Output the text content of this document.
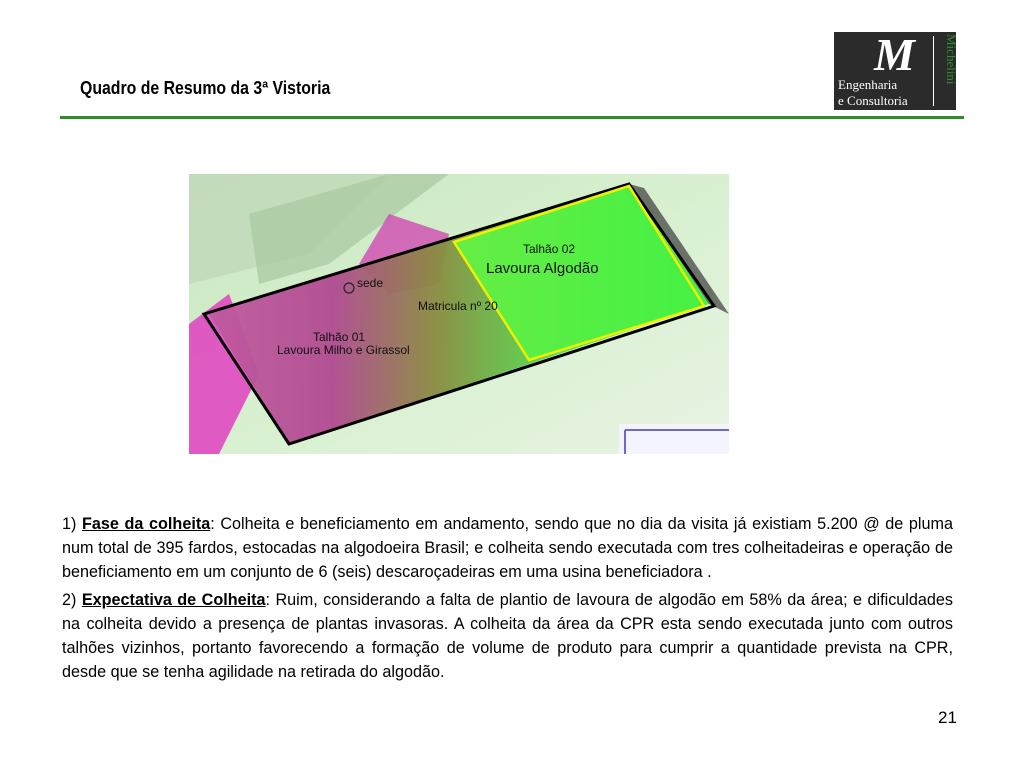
Quadro de Resumo da 3ª Vistoria
M
Engenharia
e Consultoria
Michelini
Talhão 02
Lavoura Algodão
sede
Matricula nº 20
Talhão 01
Lavoura Milho e Girassol

1) Fase da colheita: Colheita e beneficiamento em andamento, sendo que no dia da visita já existiam 5.200 @ de pluma num total de 395 fardos, estocadas na algodoeira Brasil; e colheita sendo executada com tres colheitadeiras e operação de beneficiamento em um conjunto de 6 (seis) descaroçadeiras em uma usina beneficiadora .

2) Expectativa de Colheita: Ruim, considerando a falta de plantio de lavoura de algodão em 58% da área; e dificuldades na colheita devido a presença de plantas invasoras. A colheita da área da CPR esta sendo executada junto com outros talhões vizinhos, portanto favorecendo a formação de volume de produto para cumprir a quantidade prevista na CPR, desde que se tenha agilidade na retirada do algodão.

21
